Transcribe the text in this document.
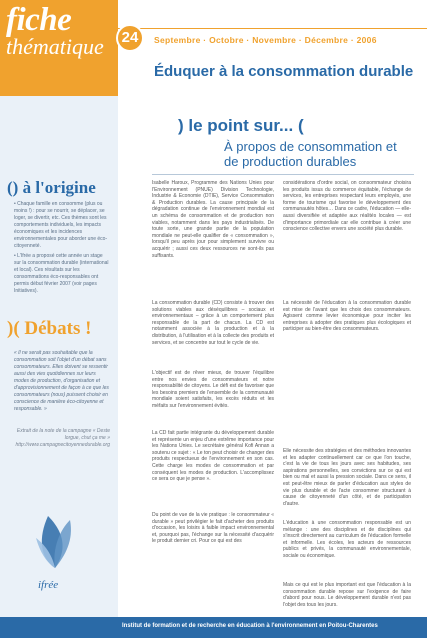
fiche
thématique	24	Septembre · Octobre · Novembre · Décembre · 2006
Éduquer à la consommation durable
() à l'origine
• Chaque famille en consomme (plus ou moins !) : pour se nourrir, se déplacer, se loger, se divertir, etc. Ces thèmes sont les comportements individuels, les impacts économiques et les incidences environnementales pour aborder une éco-citoyenneté.
• L'Ifrée a proposé cette année un stage sur la consommation durable (international et local). Ces résultats sur les consommations éco-responsables ont permis début février 2007 (voir pages Initiatives).
)( Débats !
« Il ne serait pas souhaitable que la consommation soit l'objet d'un débat sans consommateurs. Elles doivent se ressentir aussi des vies quotidiennes sur leurs modes de production, d'organisation et d'approvisionnement de façon à ce que les consommateurs (nous) puissent choisir en conscience de manière éco-citoyenne et responsable. »
Extrait de la note de la campagne « Deste lorgue, chut ça me » http://www.campagnecitoyennedurable.org
ifrée
) le point sur... (
À propos de consommation et de production durables
Isabelle Haroux, Programme des Nations Unies pour l'Environnement (PNUE) Division Technologie, Industrie & Economie (DTIE), Service Consommation & Production durables. La cause principale de la dégradation continue de l'environnement mondial est un schéma de consommation et de production non viables, notamment dans les pays industrialisés. De toute sorte, une grande partie de la population mondiale ne peut-elle qualifier de « consommation », lorsqu'il peu après jour pour simplement survivre ou acquérir ; aussi ces deux ressources ne sont-ils pas suffisants.
considérations d'ordre social, on consommateur choisira les produits issus du commerce équitable, l'échange de services, les entreprises respectant leurs employés, une forme de tourisme qui favorise le développement des communautés hôtes… Dans ce cadre, l'éducation — elle-aussi diversifiée et adaptée aux réalités locales — est d'importance primordiale car elle contribue à créer une conscience collective envers une société plus durable.
La consommation durable (CD) consiste à trouver des solutions viables aux déséquilibres – sociaux et environnementaux – grâce à un comportement plus responsable de la part de chacun. La CD est notamment associée à la production et à la distribution, à l'utilisation et à la collecte des produits et services, et se concentre sur tout le cycle de vie.
La nécessité de l'éducation à la consommation durable est mise de l'avant que les choix des consommateurs. Agissent comme levier économique pour inciter les entreprises à adopter des pratiques plus écologiques et participer au bien-être des consommateurs.
L'objectif est de rêver mieux, de trouver l'équilibre entre nos envies de consommateurs et notre responsabilité de citoyens. Le défi est de favoriser que les besoins premiers de l'ensemble de la communauté mondiale soient satisfaits, les excès réduits et les méfaits sur l'environnement évités.
La CD fait partie intégrante du développement durable et représente un enjeu d'une extrême importance pour les Nations Unies. Le secrétaire général Kofi Annan a soutenu ce sujet : « Le ton peut choisir de changer des produits respectueux de l'environnement en son cas. Cette charge les modes de consommation et par conséquent les modes de production. L'accomplissez ce sera ce que je pense ».
Du point de vue de la vie pratique : le consommateur « durable » peut privilégier le fait d'acheter des produits d'occasion, les loisirs à faible impact environnemental et, pourquoi pas, l'échange sur la nécessité d'acquérir le produit dernier cri. Pour ce qui est des
Elle nécessite des stratégies et des méthodes innovantes et les adapter continuellement car ce que l'on touche, c'est la vie de tous les jours avec ses habitudes, ses aspirations personnelles, ses convictions sur ce qui est bien ou mal et aussi la pression sociale. Dans ce sens, il est peut-être mieux de parler d'éducation aux styles de vie plus durable et de l'acte consommer structurant à cause de citoyenneté d'un côté, et de participation d'autre.
L'éducation à une consommation responsable est un mélange : une des disciplines et de disciplines qui s'inscrit directement au curriculum de l'éducation formelle et informelle. Les écoles, les acteurs de ressources publics et privés, la communauté environnementale, sociale ou économique.
Mais ce qui est le plus important est que l'éducation à la consommation durable repose sur l'exigence de faire d'abord pour nous. Le développement durable n'est pas l'objet des tous les jours.
Institut de formation et de recherche en éducation à l'environnement en Poitou-Charentes
